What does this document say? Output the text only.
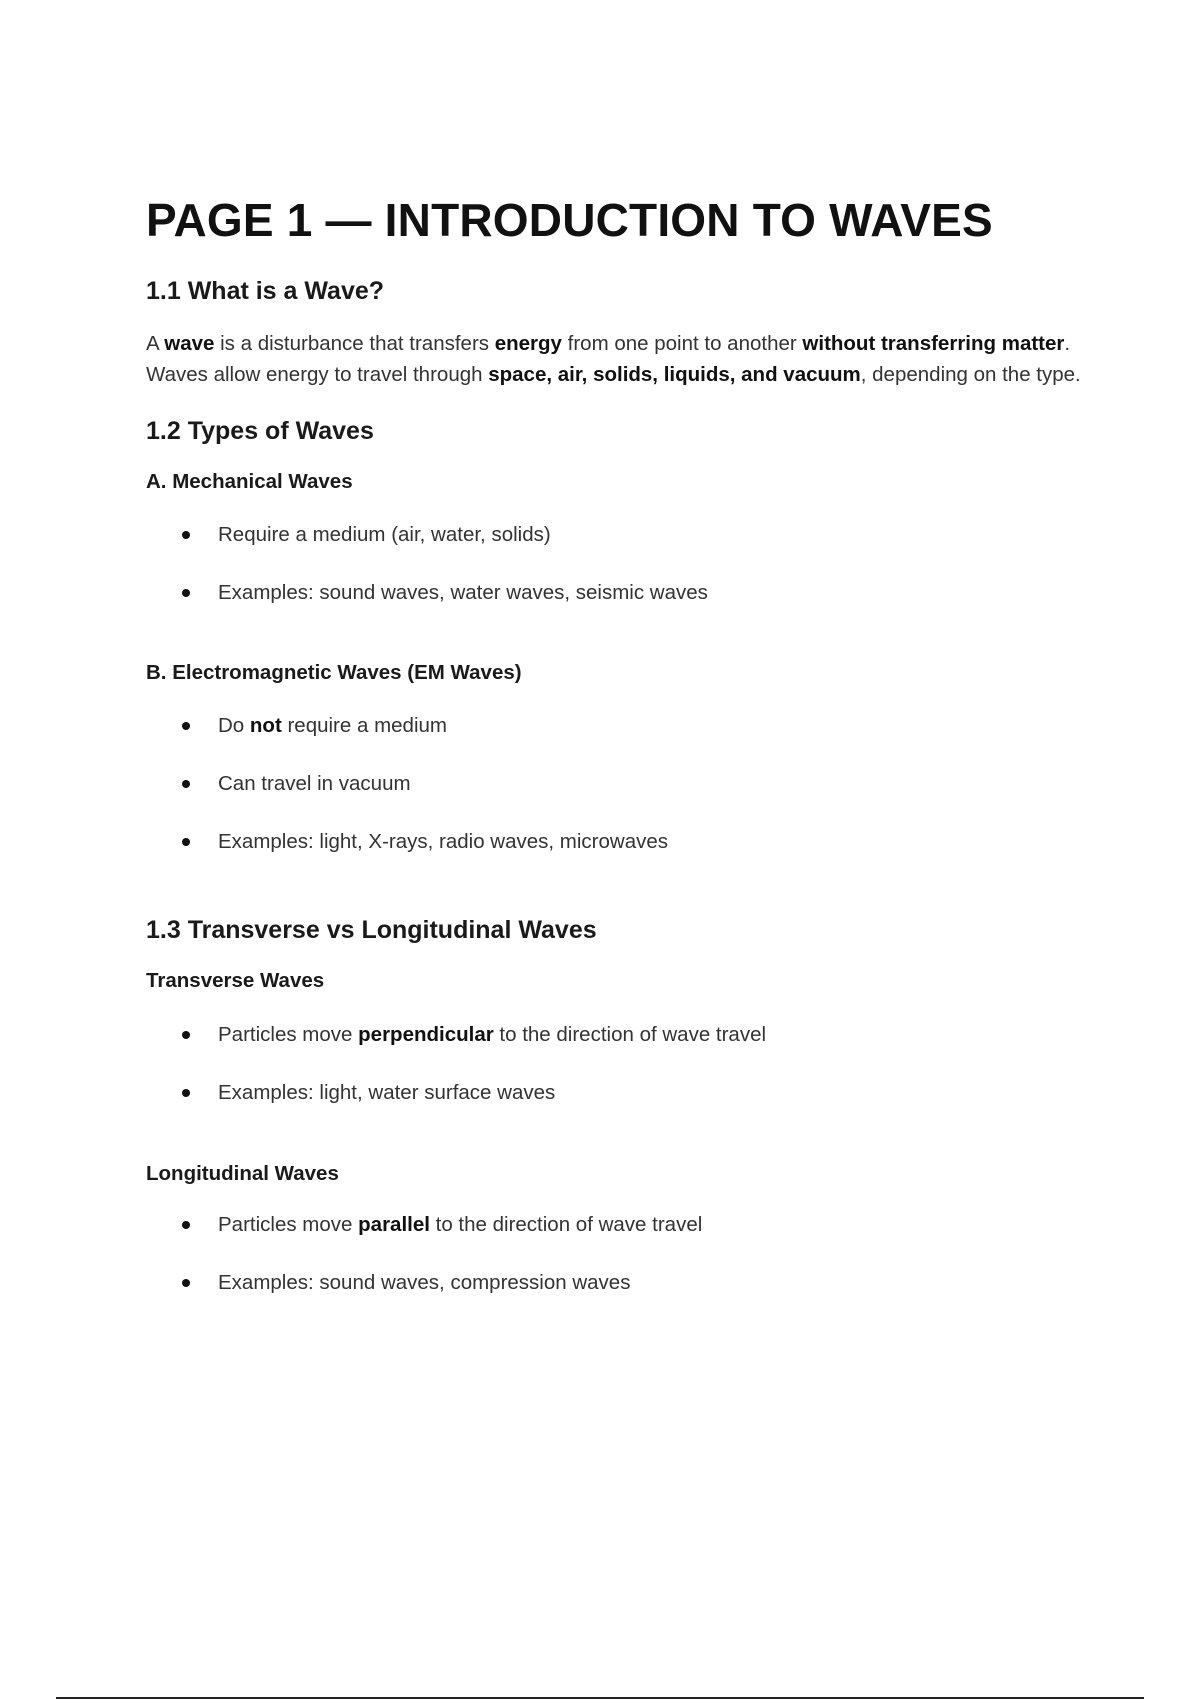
PAGE 1 — INTRODUCTION TO WAVES
1.1 What is a Wave?

A wave is a disturbance that transfers energy from one point to another without transferring matter. Waves allow energy to travel through space, air, solids, liquids, and vacuum, depending on the type.

1.2 Types of Waves
A. Mechanical Waves
Require a medium (air, water, solids)
Examples: sound waves, water waves, seismic waves
B. Electromagnetic Waves (EM Waves)
Do not require a medium
Can travel in vacuum
Examples: light, X-rays, radio waves, microwaves
1.3 Transverse vs Longitudinal Waves
Transverse Waves
Particles move perpendicular to the direction of wave travel
Examples: light, water surface waves
Longitudinal Waves
Particles move parallel to the direction of wave travel
Examples: sound waves, compression waves
